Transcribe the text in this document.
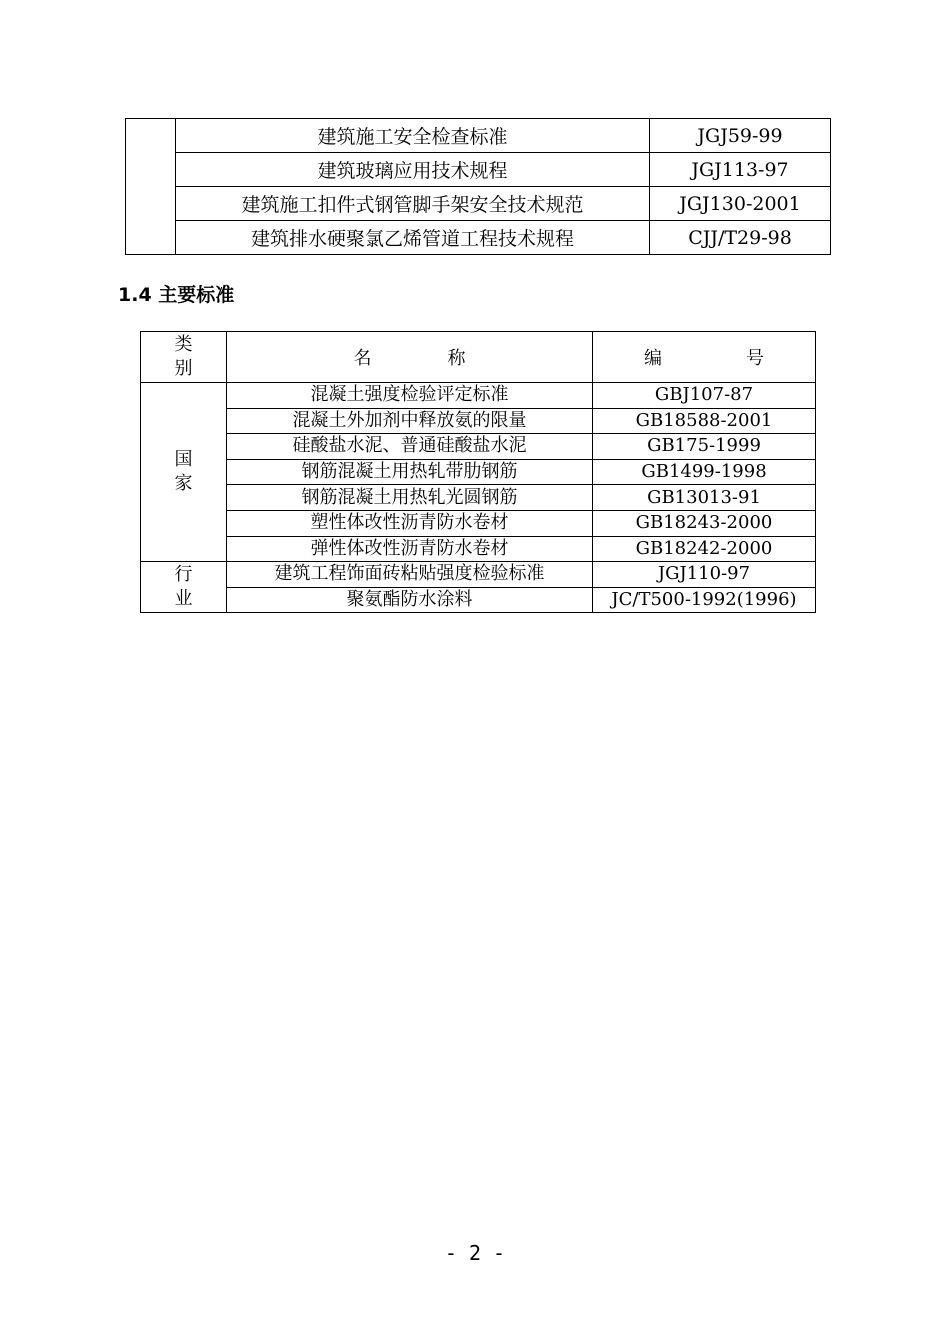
	建筑施工安全检查标准	JGJ59-99
	建筑玻璃应用技术规程	JGJ113-97
	建筑施工扣件式钢管脚手架安全技术规范	JGJ130-2001
	建筑排水硬聚氯乙烯管道工程技术规程	CJJ/T29-98
1.4 主要标准
类别	名 称	编 号
国家	混凝土强度检验评定标准	GBJ107-87
	混凝土外加剂中释放氨的限量	GB18588-2001
	硅酸盐水泥、普通硅酸盐水泥	GB175-1999
	钢筋混凝土用热轧带肋钢筋	GB1499-1998
	钢筋混凝土用热轧光圆钢筋	GB13013-91
	塑性体改性沥青防水卷材	GB18243-2000
	弹性体改性沥青防水卷材	GB18242-2000
行业	建筑工程饰面砖粘贴强度检验标准	JGJ110-97
	聚氨酯防水涂料	JC/T500-1992(1996)
- 2 -
